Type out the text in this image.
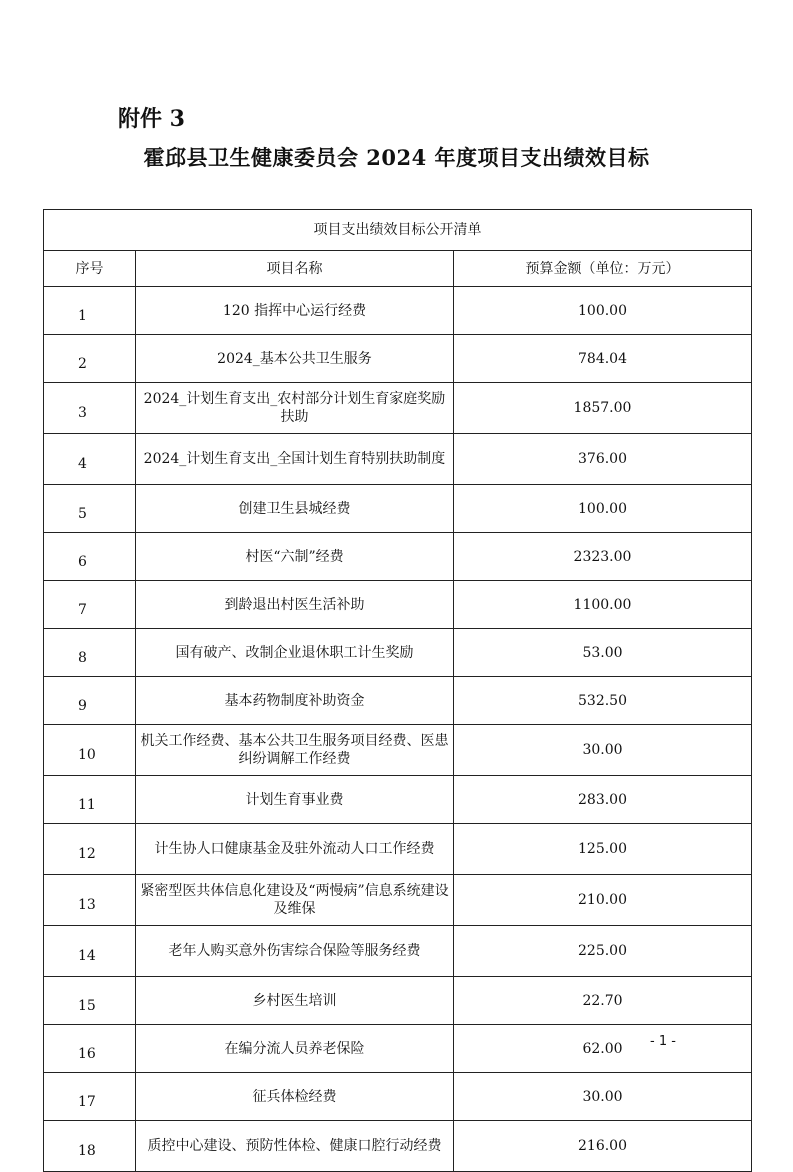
附件 3
霍邱县卫生健康委员会 2024 年度项目支出绩效目标
项目支出绩效目标公开清单		
序号	项目名称	预算金额（单位：万元）
1	120 指挥中心运行经费	100.00
2	2024_基本公共卫生服务	784.04
3	2024_计划生育支出_农村部分计划生育家庭奖励扶助	1857.00
4	2024_计划生育支出_全国计划生育特别扶助制度	376.00
5	创建卫生县城经费	100.00
6	村医“六制”经费	2323.00
7	到龄退出村医生活补助	1100.00
8	国有破产、改制企业退休职工计生奖励	53.00
9	基本药物制度补助资金	532.50
10	机关工作经费、基本公共卫生服务项目经费、医患纠纷调解工作经费	30.00
11	计划生育事业费	283.00
12	计生协人口健康基金及驻外流动人口工作经费	125.00
13	紧密型医共体信息化建设及“两慢病”信息系统建设及维保	210.00
14	老年人购买意外伤害综合保险等服务经费	225.00
15	乡村医生培训	22.70
16	在编分流人员养老保险	62.00
17	征兵体检经费	30.00
18	质控中心建设、预防性体检、健康口腔行动经费	216.00
- 1 -
